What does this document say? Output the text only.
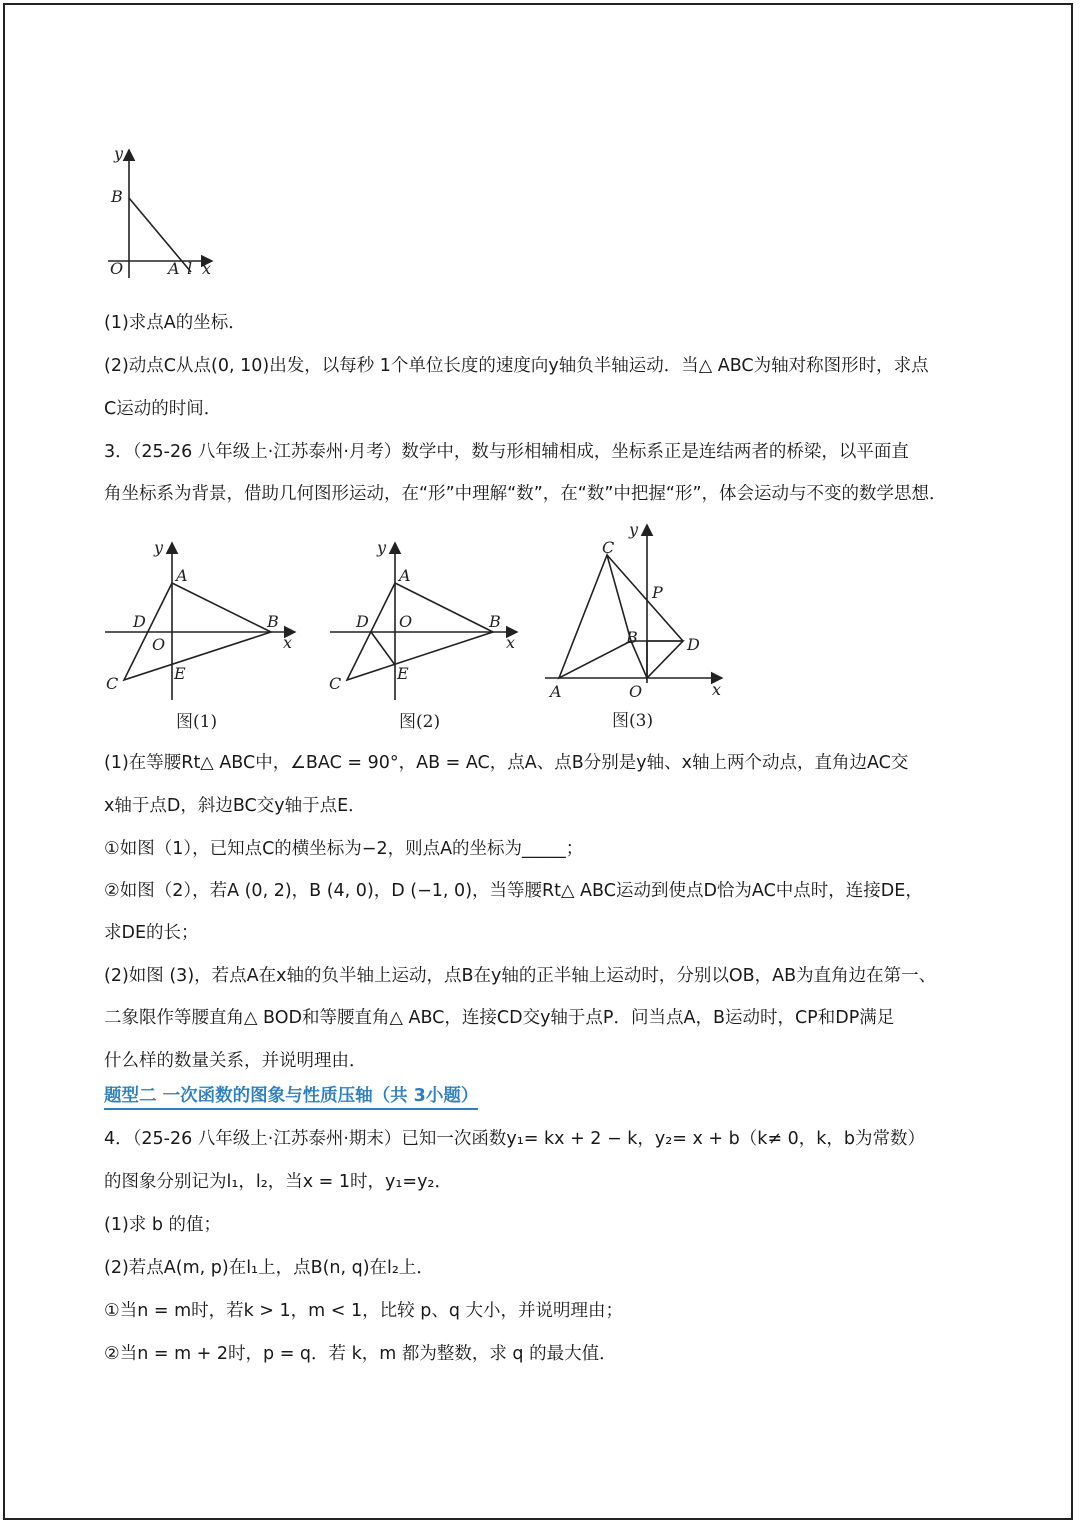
y
x
B
O	A l
(1)求点A的坐标．
(2)动点C从点(0, 10)出发，以每秒 1个单位长度的速度向y轴负半轴运动．当△ ABC为轴对称图形时，求点
C运动的时间．
3．（25-26 八年级上·江苏泰州·月考）数学中，数与形相辅相成，坐标系正是连结两者的桥梁，以平面直
角坐标系为背景，借助几何图形运动，在“形”中理解“数”，在“数”中把握“形”，体会运动与不变的数学思想．
y
A
D	B
O	x
E
C
图(1)
y
A
D O	B
x
E
C
图(2)
y
C
P
B	D
A	O	x
图(3)
(1)在等腰Rt△ ABC中，∠BAC = 90°，AB = AC，点A、点B分别是y轴、x轴上两个动点，直角边AC交
x轴于点D，斜边BC交y轴于点E．
①如图（1），已知点C的横坐标为−2，则点A的坐标为_____；
②如图（2），若A (0, 2)，B (4, 0)，D (−1, 0)，当等腰Rt△ ABC运动到使点D恰为AC中点时，连接DE，
求DE的长；
(2)如图 (3)，若点A在x轴的负半轴上运动，点B在y轴的正半轴上运动时，分别以OB，AB为直角边在第一、
二象限作等腰直角△ BOD和等腰直角△ ABC，连接CD交y轴于点P．问当点A，B运动时，CP和DP满足
什么样的数量关系，并说明理由．
题型二 一次函数的图象与性质压轴（共 3小题）
4．（25-26 八年级上·江苏泰州·期末）已知一次函数y₁= kx + 2 − k，y₂= x + b（k≠ 0，k，b为常数）
的图象分别记为l₁，l₂，当x = 1时，y₁=y₂．
(1)求 b 的值；
(2)若点A(m, p)在l₁上，点B(n, q)在l₂上．
①当n = m时，若k > 1，m < 1，比较 p、q 大小，并说明理由；
②当n = m + 2时，p = q．若 k，m 都为整数，求 q 的最大值．
